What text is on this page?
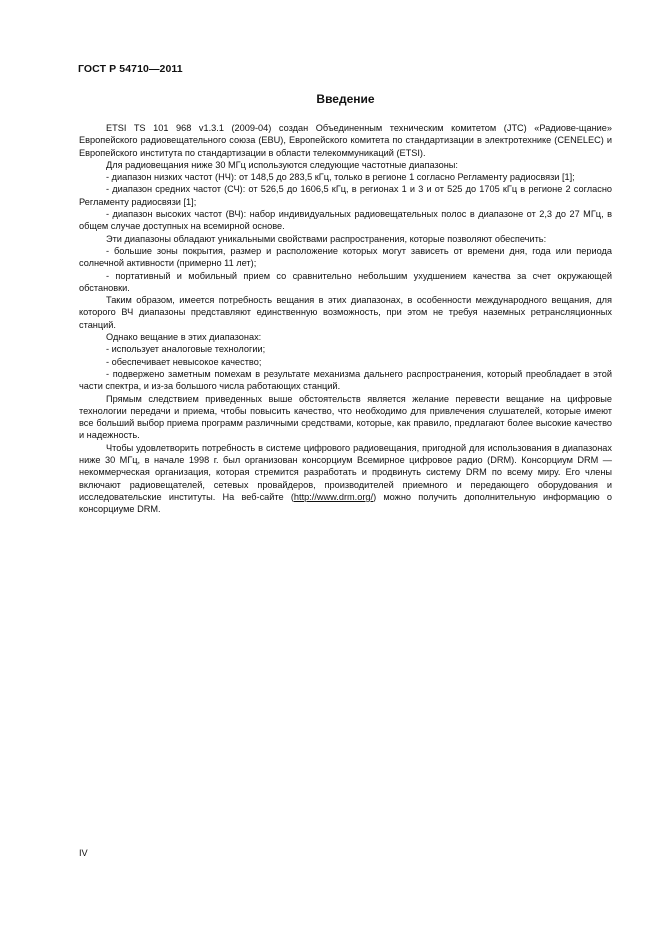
ГОСТ Р 54710—2011
Введение

ETSI TS 101 968 v1.3.1 (2009-04) создан Объединенным техническим комитетом (JTC) «Радиове-щание» Европейского радиовещательного союза (EBU), Европейского комитета по стандартизации в электротехнике (CENELEC) и Европейского института по стандартизации в области телекоммуникаций (ETSI).

Для радиовещания ниже 30 МГц используются следующие частотные диапазоны:

- диапазон низких частот (НЧ): от 148,5 до 283,5 кГц, только в регионе 1 согласно Регламенту радиосвязи [1];

- диапазон средних частот (СЧ): от 526,5 до 1606,5 кГц, в регионах 1 и 3 и от 525 до 1705 кГц в регионе 2 согласно Регламенту радиосвязи [1];

- диапазон высоких частот (ВЧ): набор индивидуальных радиовещательных полос в диапазоне от 2,3 до 27 МГц, в общем случае доступных на всемирной основе.

Эти диапазоны обладают уникальными свойствами распространения, которые позволяют обеспечить:

- большие зоны покрытия, размер и расположение которых могут зависеть от времени дня, года или периода солнечной активности (примерно 11 лет);

- портативный и мобильный прием со сравнительно небольшим ухудшением качества за счет окружающей обстановки.

Таким образом, имеется потребность вещания в этих диапазонах, в особенности международного вещания, для которого ВЧ диапазоны представляют единственную возможность, при этом не требуя наземных ретрансляционных станций.

Однако вещание в этих диапазонах:

- использует аналоговые технологии;

- обеспечивает невысокое качество;

- подвержено заметным помехам в результате механизма дальнего распространения, который преобладает в этой части спектра, и из-за большого числа работающих станций.

Прямым следствием приведенных выше обстоятельств является желание перевести вещание на цифровые технологии передачи и приема, чтобы повысить качество, что необходимо для привлечения слушателей, которые имеют все больший выбор приема программ различными средствами, которые, как правило, предлагают более высокие качество и надежность.

Чтобы удовлетворить потребность в системе цифрового радиовещания, пригодной для использования в диапазонах ниже 30 МГц, в начале 1998 г. был организован консорциум Всемирное цифровое радио (DRM). Консорциум DRM — некоммерческая организация, которая стремится разработать и продвинуть систему DRM по всему миру. Его члены включают радиовещателей, сетевых провайдеров, производителей приемного и передающего оборудования и исследовательские институты. На веб-сайте (http://www.drm.org/) можно получить дополнительную информацию о консорциуме DRM.

IV
